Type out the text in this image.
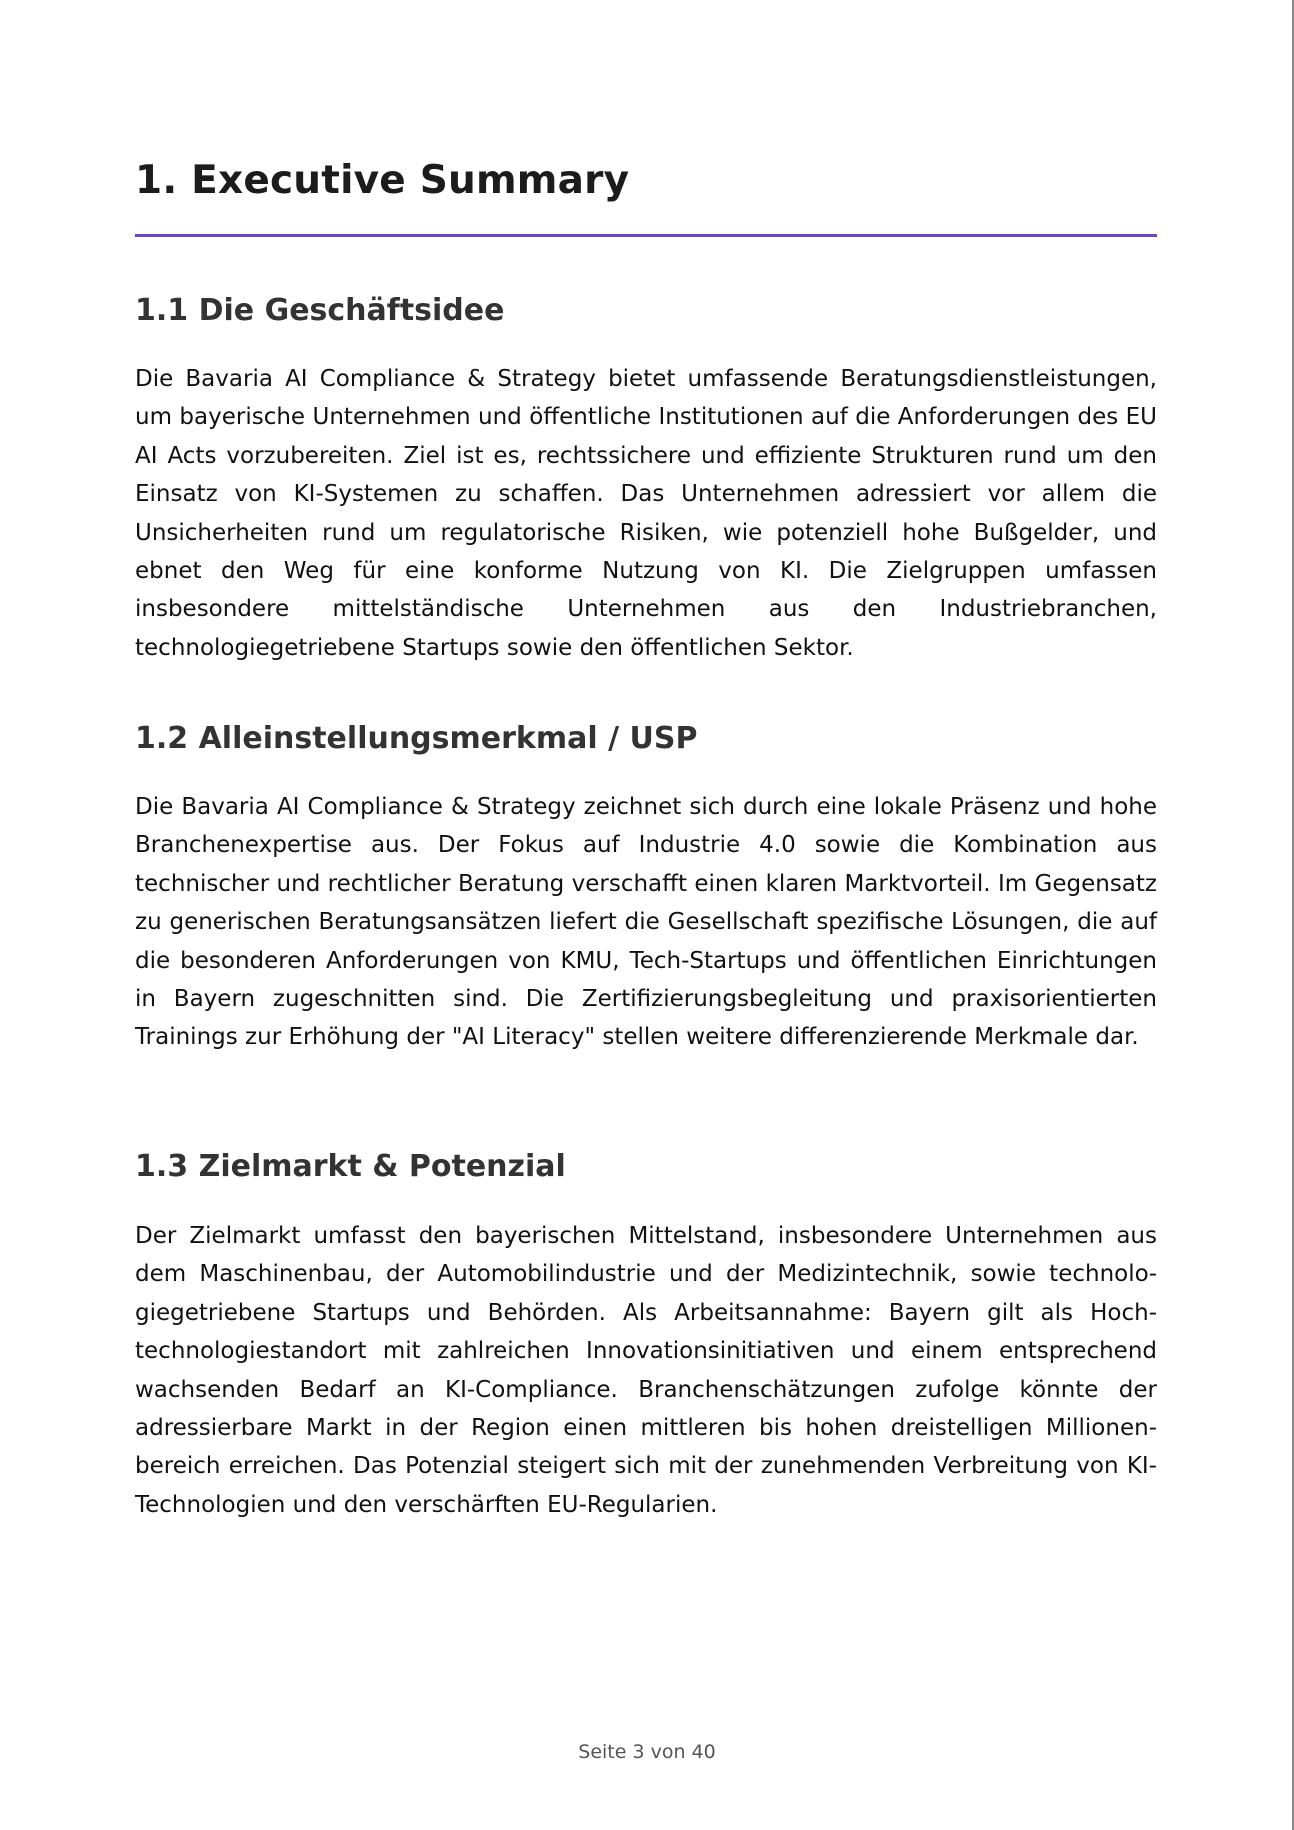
1. Executive Summary
1.1 Die Geschäftsidee

Die Bavaria AI Compliance & Strategy bietet umfassende Beratungsdienstleistungen, um bayerische Unternehmen und öffentliche Institutionen auf die Anforderungen des EU AI Acts vorzubereiten. Ziel ist es, rechtssichere und effiziente Strukturen rund um den Einsatz von KI-Systemen zu schaffen. Das Unternehmen adressiert vor allem die Unsicherheiten rund um regulatorische Risiken, wie potenziell hohe Bußgelder, und ebnet den Weg für eine konforme Nutzung von KI. Die Zielgruppen umfassen insbesondere mittelständische Unternehmen aus den Industriebranchen, technologiegetriebene Startups sowie den öffentlichen Sektor.

1.2 Alleinstellungsmerkmal / USP

Die Bavaria AI Compliance & Strategy zeichnet sich durch eine lokale Präsenz und hohe Branchenexpertise aus. Der Fokus auf Industrie 4.0 sowie die Kombination aus technischer und rechtlicher Beratung verschafft einen klaren Marktvorteil. Im Gegensatz zu generischen Beratungsansätzen liefert die Gesellschaft spezifische Lösungen, die auf die besonderen Anforderungen von KMU, Tech-Startups und öffentlichen Einrichtungen in Bayern zugeschnitten sind. Die Zertifizierungsbegleitung und praxisorientierten Trainings zur Erhöhung der "AI Literacy" stellen weitere differenzierende Merkmale dar.

1.3 Zielmarkt & Potenzial

Der Zielmarkt umfasst den bayerischen Mittelstand, insbesondere Unternehmen aus dem Maschinenbau, der Automobilindustrie und der Medizintechnik, sowie technologiegetriebene Startups und Behörden. Als Arbeitsannahme: Bayern gilt als Hochtechnologiestandort mit zahlreichen Innovationsinitiativen und einem entsprechend wachsenden Bedarf an KI-Compliance. Branchenschätzungen zufolge könnte der adressierbare Markt in der Region einen mittleren bis hohen dreistelligen Millionenbereich erreichen. Das Potenzial steigert sich mit der zunehmenden Verbreitung von KI-Technologien und den verschärften EU-Regularien.

Seite 3 von 40
